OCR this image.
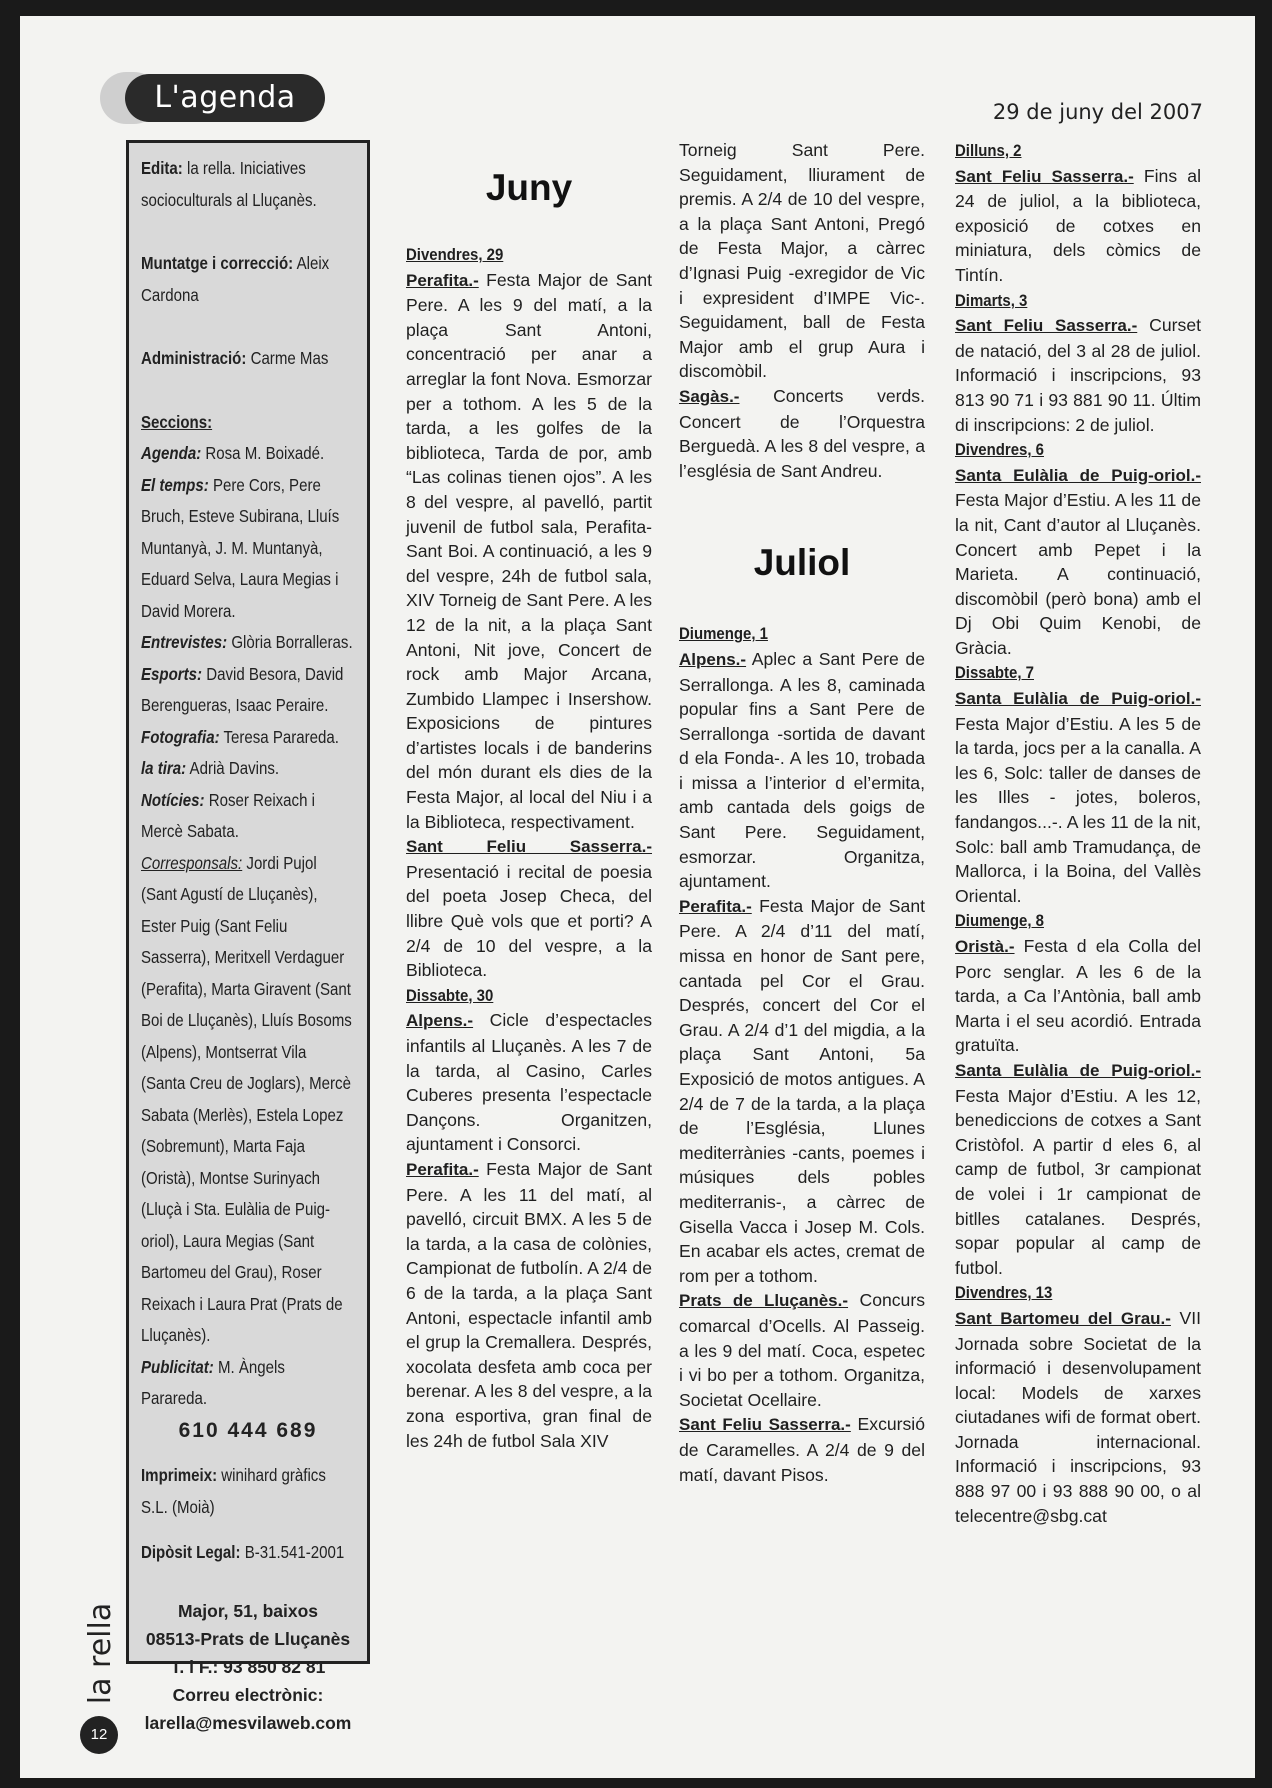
L'agenda	29 de juny del 2007

Edita: la rella. Iniciatives socioculturals al Lluçanès.

Muntatge i correcció: Aleix Cardona

Administració: Carme Mas

Seccions:

Agenda: Rosa M. Boixadé.

El temps: Pere Cors, Pere Bruch, Esteve Subirana, Lluís Muntanyà, J. M. Muntanyà, Eduard Selva, Laura Megias i David Morera.

Entrevistes: Glòria Borralleras.

Esports: David Besora, David Berengueras, Isaac Peraire.

Fotografia: Teresa Parareda.

la tira: Adrià Davins.

Notícies: Roser Reixach i Mercè Sabata.

Corresponsals: Jordi Pujol (Sant Agustí de Lluçanès), Ester Puig (Sant Feliu Sasserra), Meritxell Verdaguer (Perafita), Marta Giravent (Sant Boi de Lluçanès), Lluís Bosoms (Alpens), Montserrat Vila (Santa Creu de Joglars), Mercè Sabata (Merlès), Estela Lopez (Sobremunt), Marta Faja (Oristà), Montse Surinyach (Lluçà i Sta. Eulàlia de Puig-oriol), Laura Megias (Sant Bartomeu del Grau), Roser Reixach i Laura Prat (Prats de Lluçanès).

Publicitat: M. Àngels Parareda.

610 444 689

Imprimeix: winihard gràfics S.L. (Moià)

Dipòsit Legal: B-31.541-2001

Major, 51, baixos

08513-Prats de Lluçanès

T. i F.: 93 850 82 81

Correu electrònic:

larella@mesvilaweb.com

Juny

Divendres, 29

Perafita.- Festa Major de Sant Pere. A les 9 del matí, a la plaça Sant Antoni, concentració per anar a arreglar la font Nova. Esmorzar per a tothom. A les 5 de la tarda, a les golfes de la biblioteca, Tarda de por, amb “Las colinas tienen ojos”. A les 8 del vespre, al pavelló, partit juvenil de futbol sala, Perafita-Sant Boi. A continuació, a les 9 del vespre, 24h de futbol sala, XIV Torneig de Sant Pere. A les 12 de la nit, a la plaça Sant Antoni, Nit jove, Concert de rock amb Major Arcana, Zumbido Llampec i Insershow. Exposicions de pintures d’artistes locals i de banderins del món durant els dies de la Festa Major, al local del Niu i a la Biblioteca, respectivament.

Sant Feliu Sasserra.- Presentació i recital de poesia del poeta Josep Checa, del llibre Què vols que et porti? A 2/4 de 10 del vespre, a la Biblioteca.

Dissabte, 30

Alpens.- Cicle d’espectacles infantils al Lluçanès. A les 7 de la tarda, al Casino, Carles Cuberes presenta l’espectacle Dançons. Organitzen, ajuntament i Consorci.

Perafita.- Festa Major de Sant Pere. A les 11 del matí, al pavelló, circuit BMX. A les 5 de la tarda, a la casa de colònies, Campionat de futbolín. A 2/4 de 6 de la tarda, a la plaça Sant Antoni, espectacle infantil amb el grup la Cremallera. Després, xocolata desfeta amb coca per berenar. A les 8 del vespre, a la zona esportiva, gran final de les 24h de futbol Sala XIV

Torneig Sant Pere. Seguidament, lliurament de premis. A 2/4 de 10 del vespre, a la plaça Sant Antoni, Pregó de Festa Major, a càrrec d’Ignasi Puig -exregidor de Vic i expresident d’IMPE Vic-. Seguidament, ball de Festa Major amb el grup Aura i discomòbil.

Sagàs.- Concerts verds. Concert de l’Orquestra Berguedà. A les 8 del vespre, a l’església de Sant Andreu.

Juliol

Diumenge, 1

Alpens.- Aplec a Sant Pere de Serrallonga. A les 8, caminada popular fins a Sant Pere de Serrallonga -sortida de davant d ela Fonda-. A les 10, trobada i missa a l’interior d el’ermita, amb cantada dels goigs de Sant Pere. Seguidament, esmorzar. Organitza, ajuntament.

Perafita.- Festa Major de Sant Pere. A 2/4 d’11 del matí, missa en honor de Sant pere, cantada pel Cor el Grau. Després, concert del Cor el Grau. A 2/4 d’1 del migdia, a la plaça Sant Antoni, 5a Exposició de motos antigues. A 2/4 de 7 de la tarda, a la plaça de l’Església, Llunes mediterrànies -cants, poemes i músiques dels pobles mediterranis-, a càrrec de Gisella Vacca i Josep M. Cols. En acabar els actes, cremat de rom per a tothom.

Prats de Lluçanès.- Concurs comarcal d’Ocells. Al Passeig. a les 9 del matí. Coca, espetec i vi bo per a tothom. Organitza, Societat Ocellaire.

Sant Feliu Sasserra.- Excursió de Caramelles. A 2/4 de 9 del matí, davant Pisos.

Dilluns, 2

Sant Feliu Sasserra.- Fins al 24 de juliol, a la biblioteca, exposició de cotxes en miniatura, dels còmics de Tintín.

Dimarts, 3

Sant Feliu Sasserra.- Curset de natació, del 3 al 28 de juliol. Informació i inscripcions, 93 813 90 71 i 93 881 90 11. Últim di inscripcions: 2 de juliol.

Divendres, 6

Santa Eulàlia de Puig-oriol.- Festa Major d’Estiu. A les 11 de la nit, Cant d’autor al Lluçanès. Concert amb Pepet i la Marieta. A continuació, discomòbil (però bona) amb el Dj Obi Quim Kenobi, de Gràcia.

Dissabte, 7

Santa Eulàlia de Puig-oriol.- Festa Major d’Estiu. A les 5 de la tarda, jocs per a la canalla. A les 6, Solc: taller de danses de les Illes - jotes, boleros, fandangos...-. A les 11 de la nit, Solc: ball amb Tramudança, de Mallorca, i la Boina, del Vallès Oriental.

Diumenge, 8

Oristà.- Festa d ela Colla del Porc senglar. A les 6 de la tarda, a Ca l’Antònia, ball amb Marta i el seu acordió. Entrada gratuïta.

Santa Eulàlia de Puig-oriol.- Festa Major d’Estiu. A les 12, benediccions de cotxes a Sant Cristòfol. A partir d eles 6, al camp de futbol, 3r campionat de volei i 1r campionat de bitlles catalanes. Després, sopar popular al camp de futbol.

Divendres, 13

Sant Bartomeu del Grau.- VII Jornada sobre Societat de la informació i desenvolupament local: Models de xarxes ciutadanes wifi de format obert. Jornada internacional. Informació i inscripcions, 93 888 97 00 i 93 888 90 00, o al telecentre@sbg.cat

la rella
12
